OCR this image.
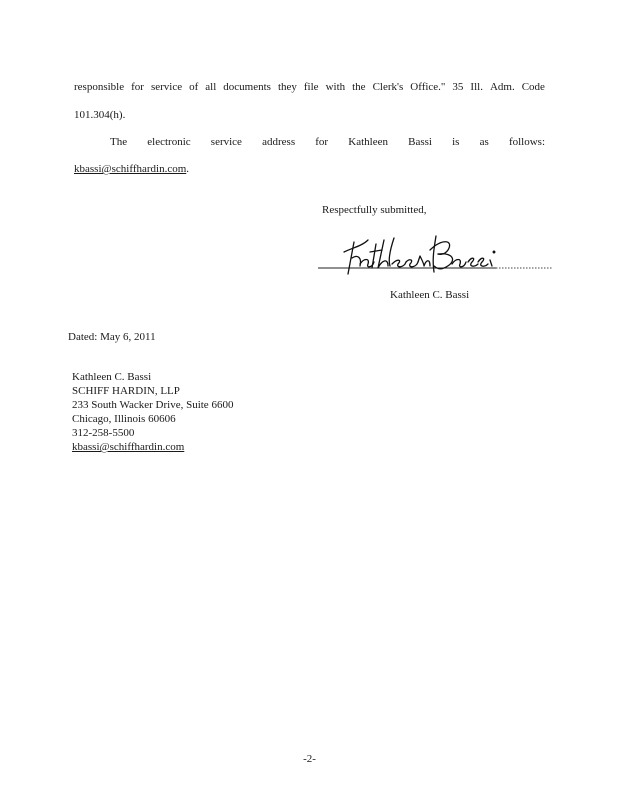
responsible for service of all documents they file with the Clerk's Office." 35 Ill. Adm. Code
101.304(h).
The electronic service address for Kathleen Bassi is as follows:
kbassi@schiffhardin.com.
Respectfully submitted,
Kathleen C. Bassi
Dated: May 6, 2011
Kathleen C. Bassi
SCHIFF HARDIN, LLP
233 South Wacker Drive, Suite 6600
Chicago, Illinois 60606
312-258-5500
kbassi@schiffhardin.com
-2-
